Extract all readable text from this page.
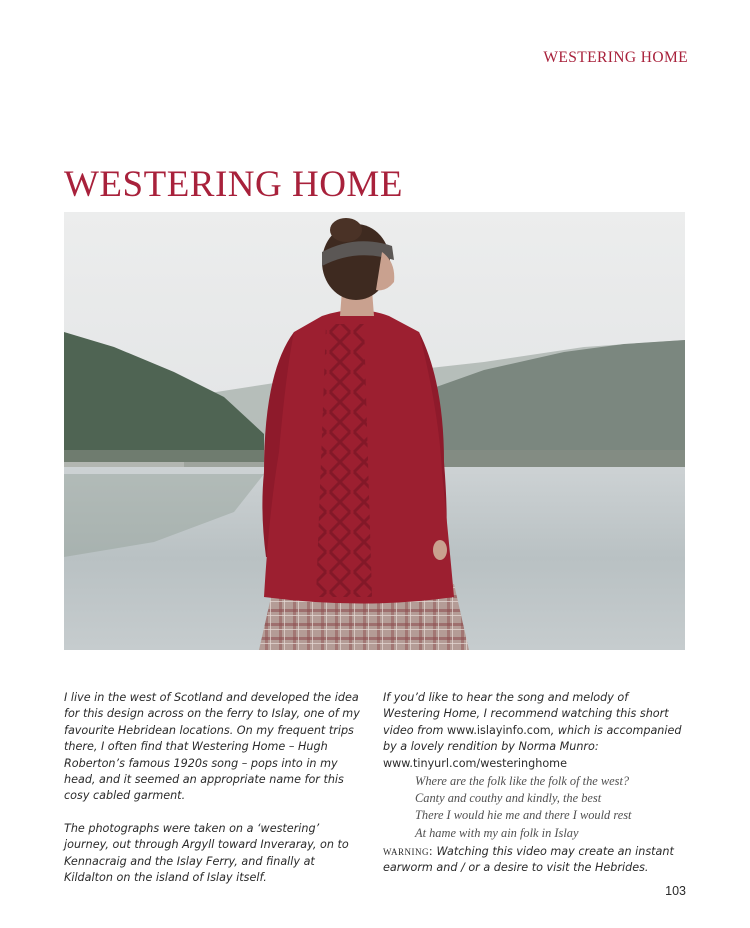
WESTERING HOME
WESTERING HOME

I live in the west of Scotland and developed the idea for this design across on the ferry to Islay, one of my favourite Hebridean locations. On my frequent trips there, I often find that Westering Home – Hugh Roberton’s famous 1920s song – pops into in my head, and it seemed an appropriate name for this cosy cabled garment.

The photographs were taken on a ‘westering’ journey, out through Argyll toward Inveraray, on to Kennacraig and the Islay Ferry, and finally at Kildalton on the island of Islay itself.

If you’d like to hear the song and melody of Westering Home, I recommend watching this short video from www.islayinfo.com, which is accompanied by a lovely rendition by Norma Munro: www.tinyurl.com/​westeringhome

Where are the folk like the folk of the west?
Canty and couthy and kindly, the best
There I would hie me and there I would rest
At hame with my ain folk in Islay

warning: Watching this video may create an instant earworm and / or a desire to visit the Hebrides.

103
